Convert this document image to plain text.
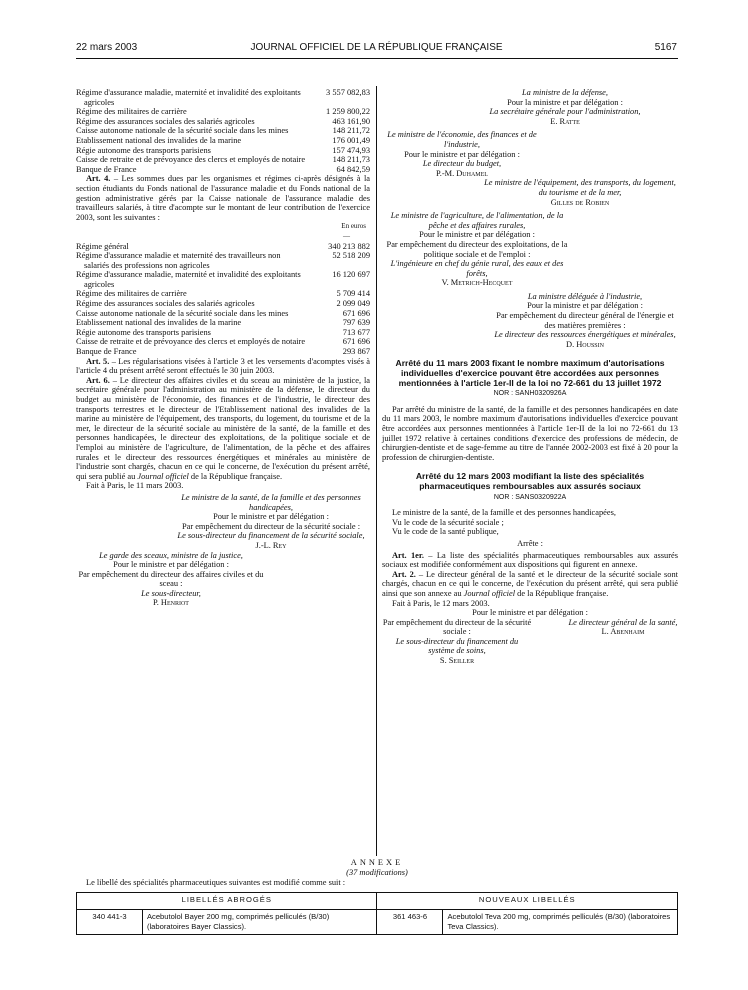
22 mars 2003	JOURNAL OFFICIEL DE LA RÉPUBLIQUE FRANÇAISE	5167
Régime d'assurance maladie, maternité et invalidité des exploitants agricoles
3 557 082,83
Régime des militaires de carrière	1 259 800,22
Régime des assurances sociales des salariés agricoles	463 161,90
Caisse autonome nationale de la sécurité sociale dans les mines	148 211,72
Etablissement national des invalides de la marine	176 001,49
Régie autonome des transports parisiens	157 474,93
Caisse de retraite et de prévoyance des clercs et employés de notaire	148 211,73
Banque de France	64 842,59

Art. 4. – Les sommes dues par les organismes et régimes ci-après désignés à la section étudiants du Fonds national de l'assurance maladie et du Fonds national de la gestion administrative gérés par la Caisse nationale de l'assurance maladie des travailleurs salariés, à titre d'acompte sur le montant de leur contribution de l'exercice 2003, sont les suivantes :

En euros
—
Régime général	340 213 882
Régime d'assurance maladie et maternité des travailleurs non salariés des professions non agricoles
52 518 209
Régime d'assurance maladie, maternité et invalidité des exploitants agricoles
16 120 697
Régime des militaires de carrière	5 709 414
Régime des assurances sociales des salariés agricoles	2 099 049
Caisse autonome nationale de la sécurité sociale dans les mines	671 696
Etablissement national des invalides de la marine	797 639
Régie autonome des transports parisiens	713 677
Caisse de retraite et de prévoyance des clercs et employés de notaire	671 696
Banque de France	293 867

Art. 5. – Les régularisations visées à l'article 3 et les versements d'acomptes visés à l'article 4 du présent arrêté seront effectués le 30 juin 2003.

Art. 6. – Le directeur des affaires civiles et du sceau au ministère de la justice, la secrétaire générale pour l'administration au ministère de la défense, le directeur du budget au ministère de l'économie, des finances et de l'industrie, le directeur des transports terrestres et le directeur de l'Etablissement national des invalides de la marine au ministère de l'équipement, des transports, du logement, du tourisme et de la mer, le directeur de la sécurité sociale au ministère de la santé, de la famille et des personnes handicapées, le directeur des exploitations, de la politique sociale et de l'emploi au ministère de l'agriculture, de l'alimentation, de la pêche et des affaires rurales et le directeur des ressources énergétiques et minérales au ministère de l'industrie sont chargés, chacun en ce qui le concerne, de l'exécution du présent arrêté, qui sera publié au Journal officiel de la République française.

Fait à Paris, le 11 mars 2003.

Le ministre de la santé, de la famille et des personnes handicapées,
Pour le ministre et par délégation :
Par empêchement du directeur de la sécurité sociale :
Le sous-directeur du financement de la sécurité sociale,
J.-L. Rey
Le garde des sceaux, ministre de la justice,
Pour le ministre et par délégation :
Par empêchement du directeur des affaires civiles et du sceau :
Le sous-directeur,
P. Henriot
La ministre de la défense,
Pour la ministre et par délégation :
La secrétaire générale pour l'administration,
E. Ratte
Le ministre de l'économie, des finances et de l'industrie,
Pour le ministre et par délégation :
Le directeur du budget,
P.-M. Duhamel
Le ministre de l'équipement, des transports, du logement, du tourisme et de la mer,
Gilles de Robien
Le ministre de l'agriculture, de l'alimentation, de la pêche et des affaires rurales,
Pour le ministre et par délégation :
Par empêchement du directeur des exploitations, de la politique sociale et de l'emploi :
L'ingénieure en chef du génie rural, des eaux et des forêts,
V. Metrich-Hecquet
La ministre déléguée à l'industrie,
Pour la ministre et par délégation :
Par empêchement du directeur général de l'énergie et des matières premières :
Le directeur des ressources énergétiques et minérales,
D. Houssin

Arrêté du 11 mars 2003 fixant le nombre maximum d'autorisations individuelles d'exercice pouvant être accordées aux personnes mentionnées à l'article 1er-II de la loi no 72-661 du 13 juillet 1972

NOR : SANH0320926A

Par arrêté du ministre de la santé, de la famille et des personnes handicapées en date du 11 mars 2003, le nombre maximum d'autorisations individuelles d'exercice pouvant être accordées aux personnes mentionnées à l'article 1er-II de la loi no 72-661 du 13 juillet 1972 relative à certaines conditions d'exercice des professions de médecin, de chirurgien-dentiste et de sage-femme au titre de l'année 2002-2003 est fixé à 20 pour la profession de chirurgien-dentiste.

Arrêté du 12 mars 2003 modifiant la liste des spécialités pharmaceutiques remboursables aux assurés sociaux

NOR : SANS0320922A

Le ministre de la santé, de la famille et des personnes handicapées,

Vu le code de la sécurité sociale ;

Vu le code de la santé publique,

Arrête :

Art. 1er. – La liste des spécialités pharmaceutiques remboursables aux assurés sociaux est modifiée conformément aux dispositions qui figurent en annexe.

Art. 2. – Le directeur général de la santé et le directeur de la sécurité sociale sont chargés, chacun en ce qui le concerne, de l'exécution du présent arrêté, qui sera publié ainsi que son annexe au Journal officiel de la République française.

Fait à Paris, le 12 mars 2003.

Pour le ministre et par délégation :
Par empêchement du directeur de la sécurité sociale :
Le sous-directeur du financement du système de soins,
S. Seiller
Le directeur général de la santé,
L. Abenhaim
ANNEXE
(37 modifications)
Le libellé des spécialités pharmaceutiques suivantes est modifié comme suit :
LIBELLÉS ABROGÉS		NOUVEAUX LIBELLÉS	
340 441-3	Acebutolol Bayer 200 mg, comprimés pelliculés (B/30) (laboratoires Bayer Classics).	361 463-6	Acebutolol Teva 200 mg, comprimés pelliculés (B/30) (laboratoires Teva Classics).
